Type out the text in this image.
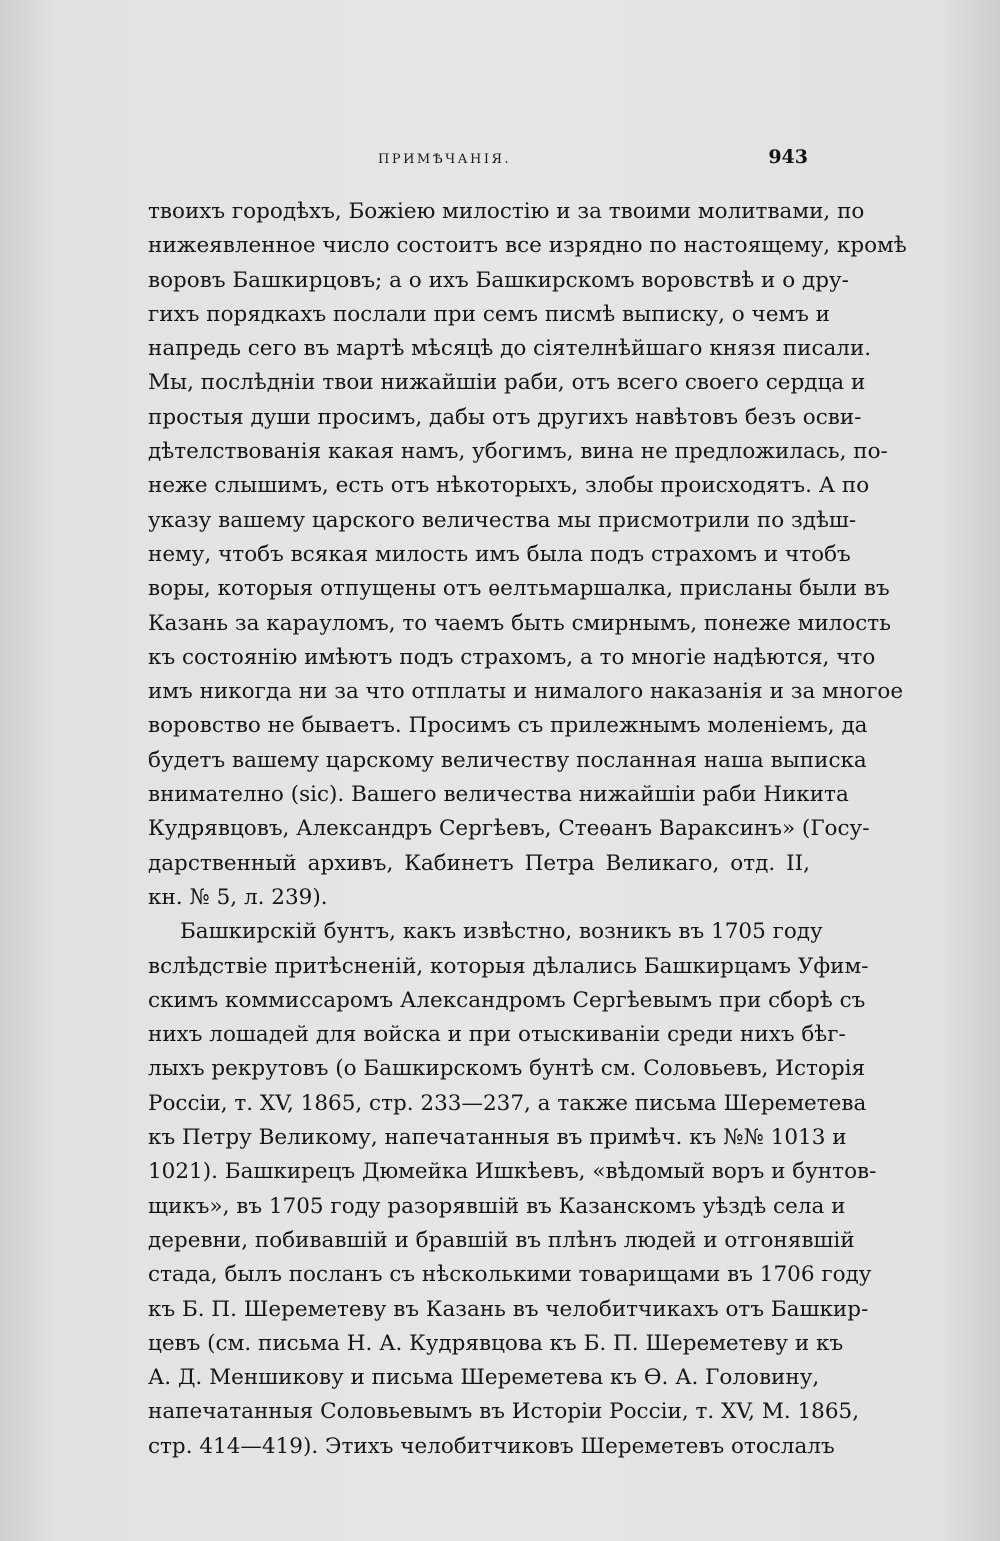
ПРИМѢЧАНІЯ.	943
твоихъ городѣхъ, Божіею милостію и за твоими молитвами, по
нижеявленное число состоитъ все изрядно по настоящему, кромѣ
воровъ Башкирцовъ; а о ихъ Башкирскомъ воровствѣ и о дру-
гихъ порядкахъ послали при семъ писмѣ выписку, о чемъ и
напредь сего въ мартѣ мѣсяцѣ до сіятелнѣйшаго князя писали.
Мы, послѣдніи твои нижайшіи раби, отъ всего своего сердца и
простыя души просимъ, дабы отъ другихъ навѣтовъ безъ осви-
дѣтелствованія какая намъ, убогимъ, вина не предложилась, по-
неже слышимъ, есть отъ нѣкоторыхъ, злобы происходятъ. А по
указу вашему царского величества мы присмотрили по здѣш-
нему, чтобъ всякая милость имъ была подъ страхомъ и чтобъ
воры, которыя отпущены отъ ѳелтьмаршалка, присланы были въ
Казань за карауломъ, то чаемъ быть смирнымъ, понеже милость
къ состоянію имѣютъ подъ страхомъ, а то многіе надѣются, что
имъ никогда ни за что отплаты и нималого наказанія и за многое
воровство не бываетъ. Просимъ съ прилежнымъ моленіемъ, да
будетъ вашему царскому величеству посланная наша выписка
внимателно (sic). Вашего величества нижайшіи раби Никита
Кудрявцовъ, Александръ Сергѣевъ, Стеѳанъ Вараксинъ» (Госу-
дарственный архивъ, Кабинетъ Петра Великаго, отд. II,
кн. № 5, л. 239).
Башкирскій бунтъ, какъ извѣстно, возникъ въ 1705 году
вслѣдствіе притѣсненій, которыя дѣлались Башкирцамъ Уфим-
скимъ коммиссаромъ Александромъ Сергѣевымъ при сборѣ съ
нихъ лошадей для войска и при отыскиваніи среди нихъ бѣг-
лыхъ рекрутовъ (о Башкирскомъ бунтѣ см. Соловьевъ, Исторія
Россіи, т. XV, 1865, стр. 233—237, а также письма Шереметева
къ Петру Великому, напечатанныя въ примѣч. къ №№ 1013 и
1021). Башкирецъ Дюмейка Ишкѣевъ, «вѣдомый воръ и бунтов-
щикъ», въ 1705 году разорявшій въ Казанскомъ уѣздѣ села и
деревни, побивавшій и бравшій въ плѣнъ людей и отгонявшій
стада, былъ посланъ съ нѣсколькими товарищами въ 1706 году
къ Б. П. Шереметеву въ Казань въ челобитчикахъ отъ Башкир-
цевъ (см. письма Н. А. Кудрявцова къ Б. П. Шереметеву и къ
А. Д. Меншикову и письма Шереметева къ Ѳ. А. Головину,
напечатанныя Соловьевымъ въ Исторіи Россіи, т. XV, М. 1865,
стр. 414—419). Этихъ челобитчиковъ Шереметевъ отослалъ
